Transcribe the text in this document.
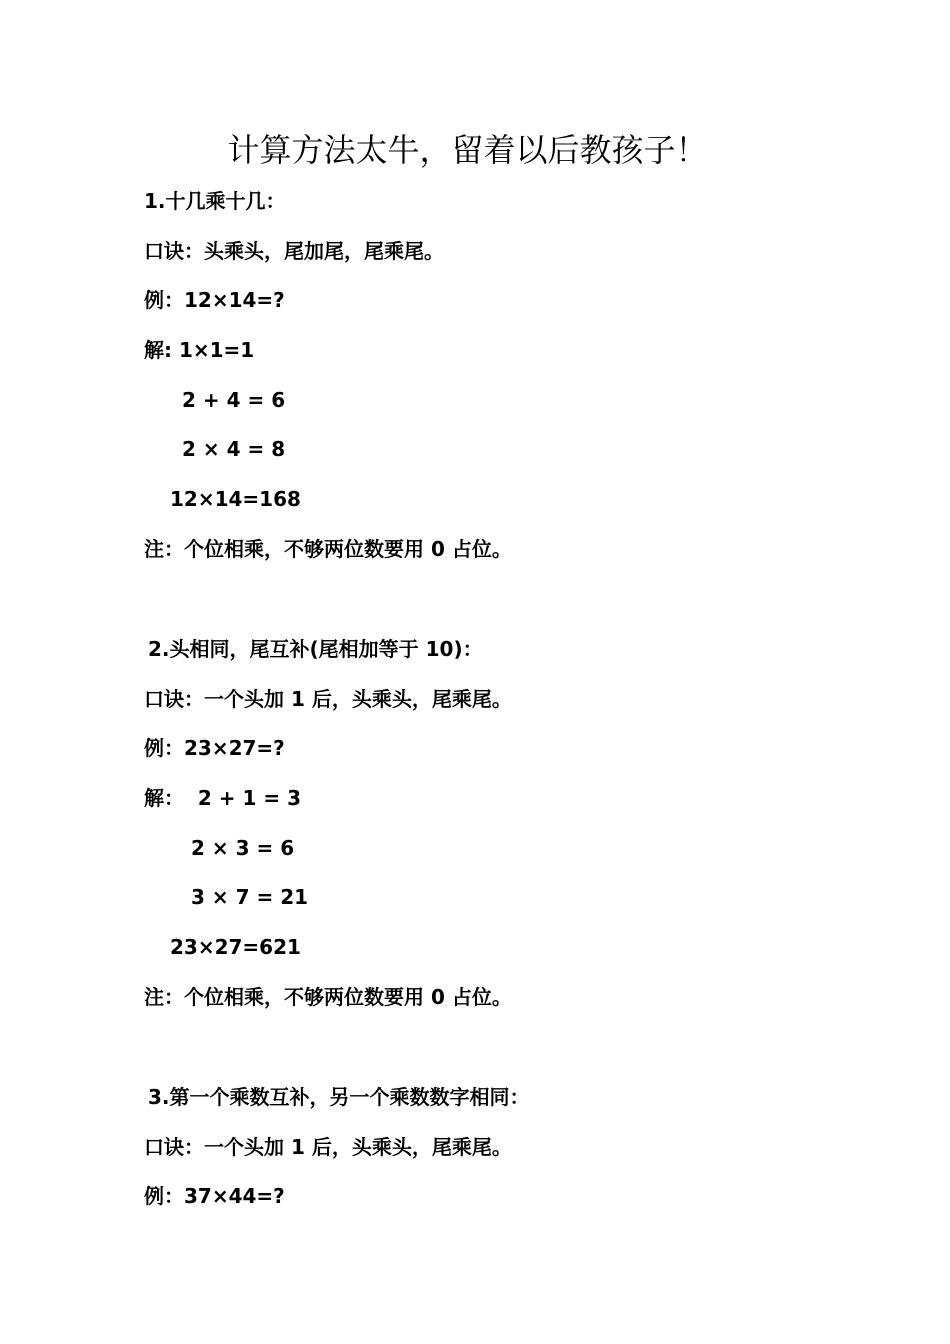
计算方法太牛，留着以后教孩子！
1.十几乘十几：
口诀：头乘头，尾加尾，尾乘尾。
例：12×14=?
解: 1×1=1
2 + 4 = 6
2 × 4 = 8
12×14=168
注：个位相乘，不够两位数要用 0 占位。
2.头相同，尾互补(尾相加等于 10)：
口诀：一个头加 1 后，头乘头，尾乘尾。
例：23×27=?
解：  2 + 1 = 3
2 × 3 = 6
3 × 7 = 21
23×27=621
注：个位相乘，不够两位数要用 0 占位。
3.第一个乘数互补，另一个乘数数字相同：
口诀：一个头加 1 后，头乘头，尾乘尾。
例：37×44=?
